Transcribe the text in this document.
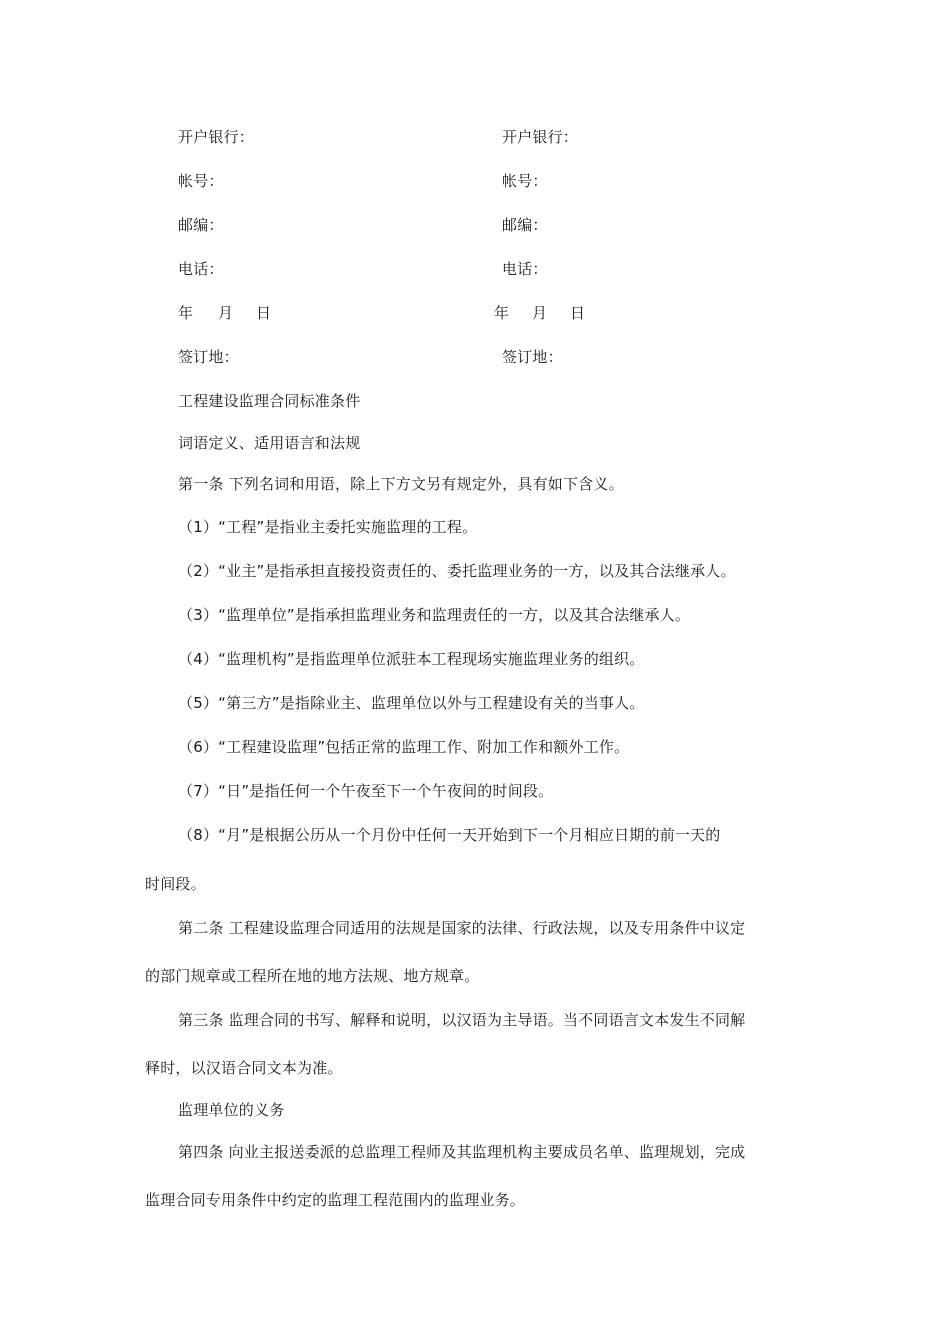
开户银行：
帐号：
邮编：
电话：
年 月 日
签订地：
开户银行：
帐号：
邮编：
电话：
年 月 日
签订地：
工程建设监理合同标准条件
词语定义、适用语言和法规
第一条 下列名词和用语，除上下方文另有规定外，具有如下含义。
（1）“工程”是指业主委托实施监理的工程。
（2）“业主”是指承担直接投资责任的、委托监理业务的一方，以及其合法继承人。
（3）“监理单位”是指承担监理业务和监理责任的一方，以及其合法继承人。
（4）“监理机构”是指监理单位派驻本工程现场实施监理业务的组织。
（5）“第三方”是指除业主、监理单位以外与工程建设有关的当事人。
（6）“工程建设监理”包括正常的监理工作、附加工作和额外工作。
（7）“日”是指任何一个午夜至下一个午夜间的时间段。
（8）“月”是根据公历从一个月份中任何一天开始到下一个月相应日期的前一天的
时间段。
第二条 工程建设监理合同适用的法规是国家的法律、行政法规，以及专用条件中议定
的部门规章或工程所在地的地方法规、地方规章。
第三条 监理合同的书写、解释和说明，以汉语为主导语。当不同语言文本发生不同解
释时，以汉语合同文本为准。
监理单位的义务
第四条 向业主报送委派的总监理工程师及其监理机构主要成员名单、监理规划，完成
监理合同专用条件中约定的监理工程范围内的监理业务。
